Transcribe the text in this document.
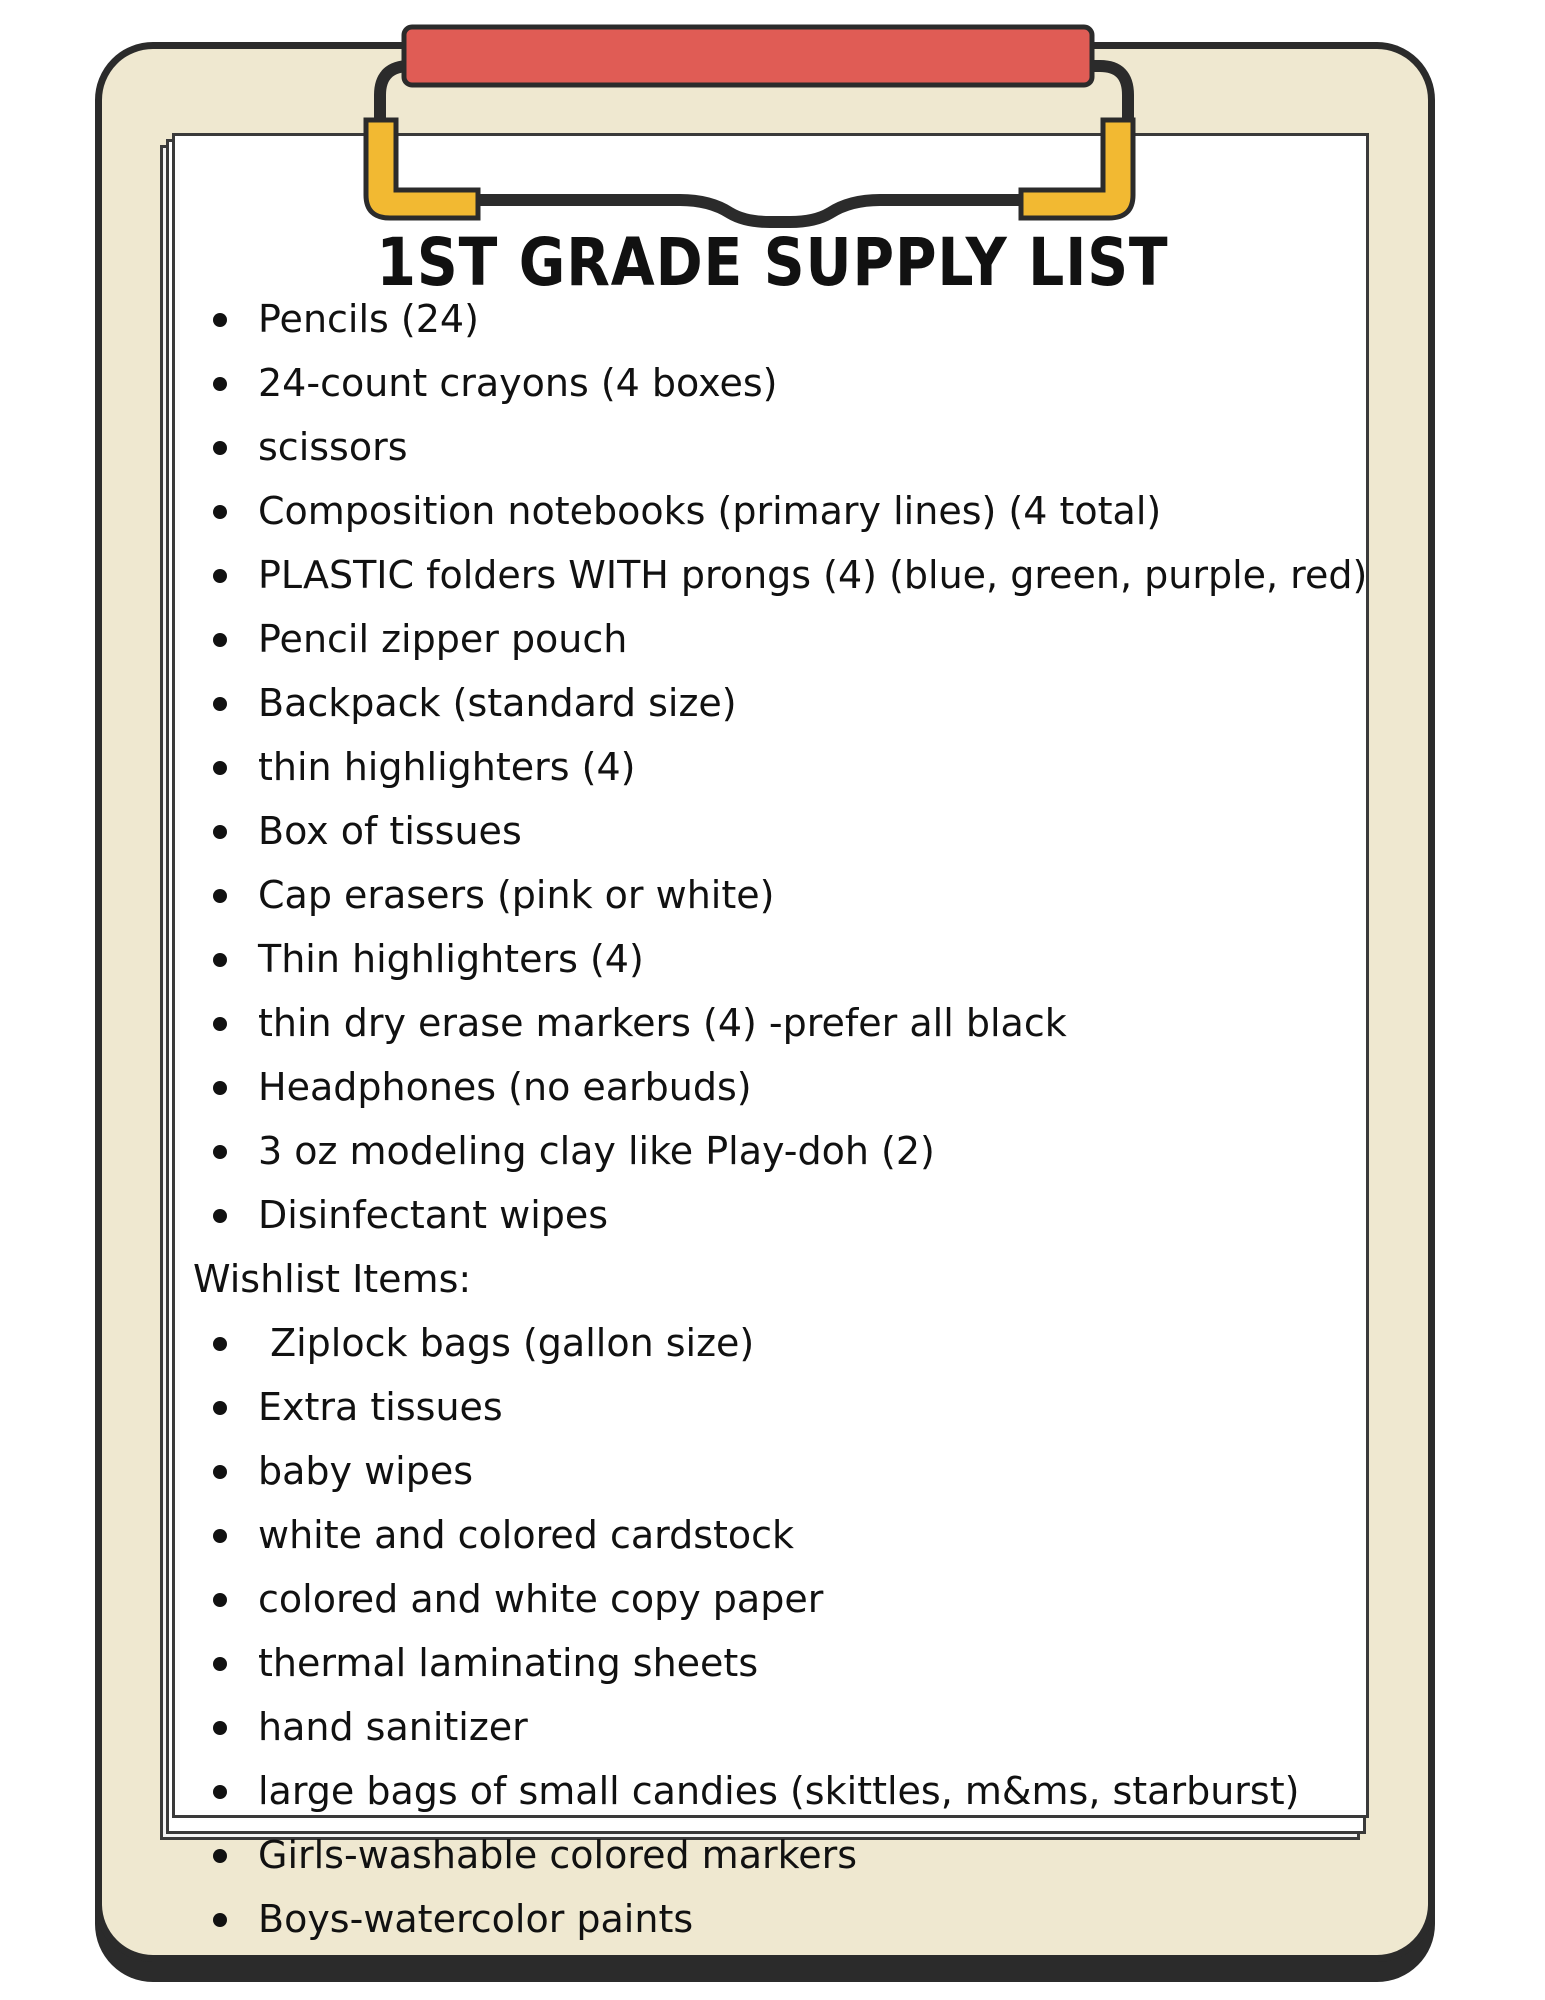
1ST GRADE SUPPLY LIST
Pencils (24)
24-count crayons (4 boxes)
scissors
Composition notebooks (primary lines) (4 total)
PLASTIC folders WITH prongs (4) (blue, green, purple, red)
Pencil zipper pouch
Backpack (standard size)
thin highlighters (4)
Box of tissues
Cap erasers (pink or white)
Thin highlighters (4)
thin dry erase markers (4) -prefer all black
Headphones (no earbuds)
3 oz modeling clay like Play-doh (2)
Disinfectant wipes
Wishlist Items:
Ziplock bags (gallon size)
Extra tissues
baby wipes
white and colored cardstock
colored and white copy paper
thermal laminating sheets
hand sanitizer
large bags of small candies (skittles, m&ms, starburst)
Girls-washable colored markers
Boys-watercolor paints
